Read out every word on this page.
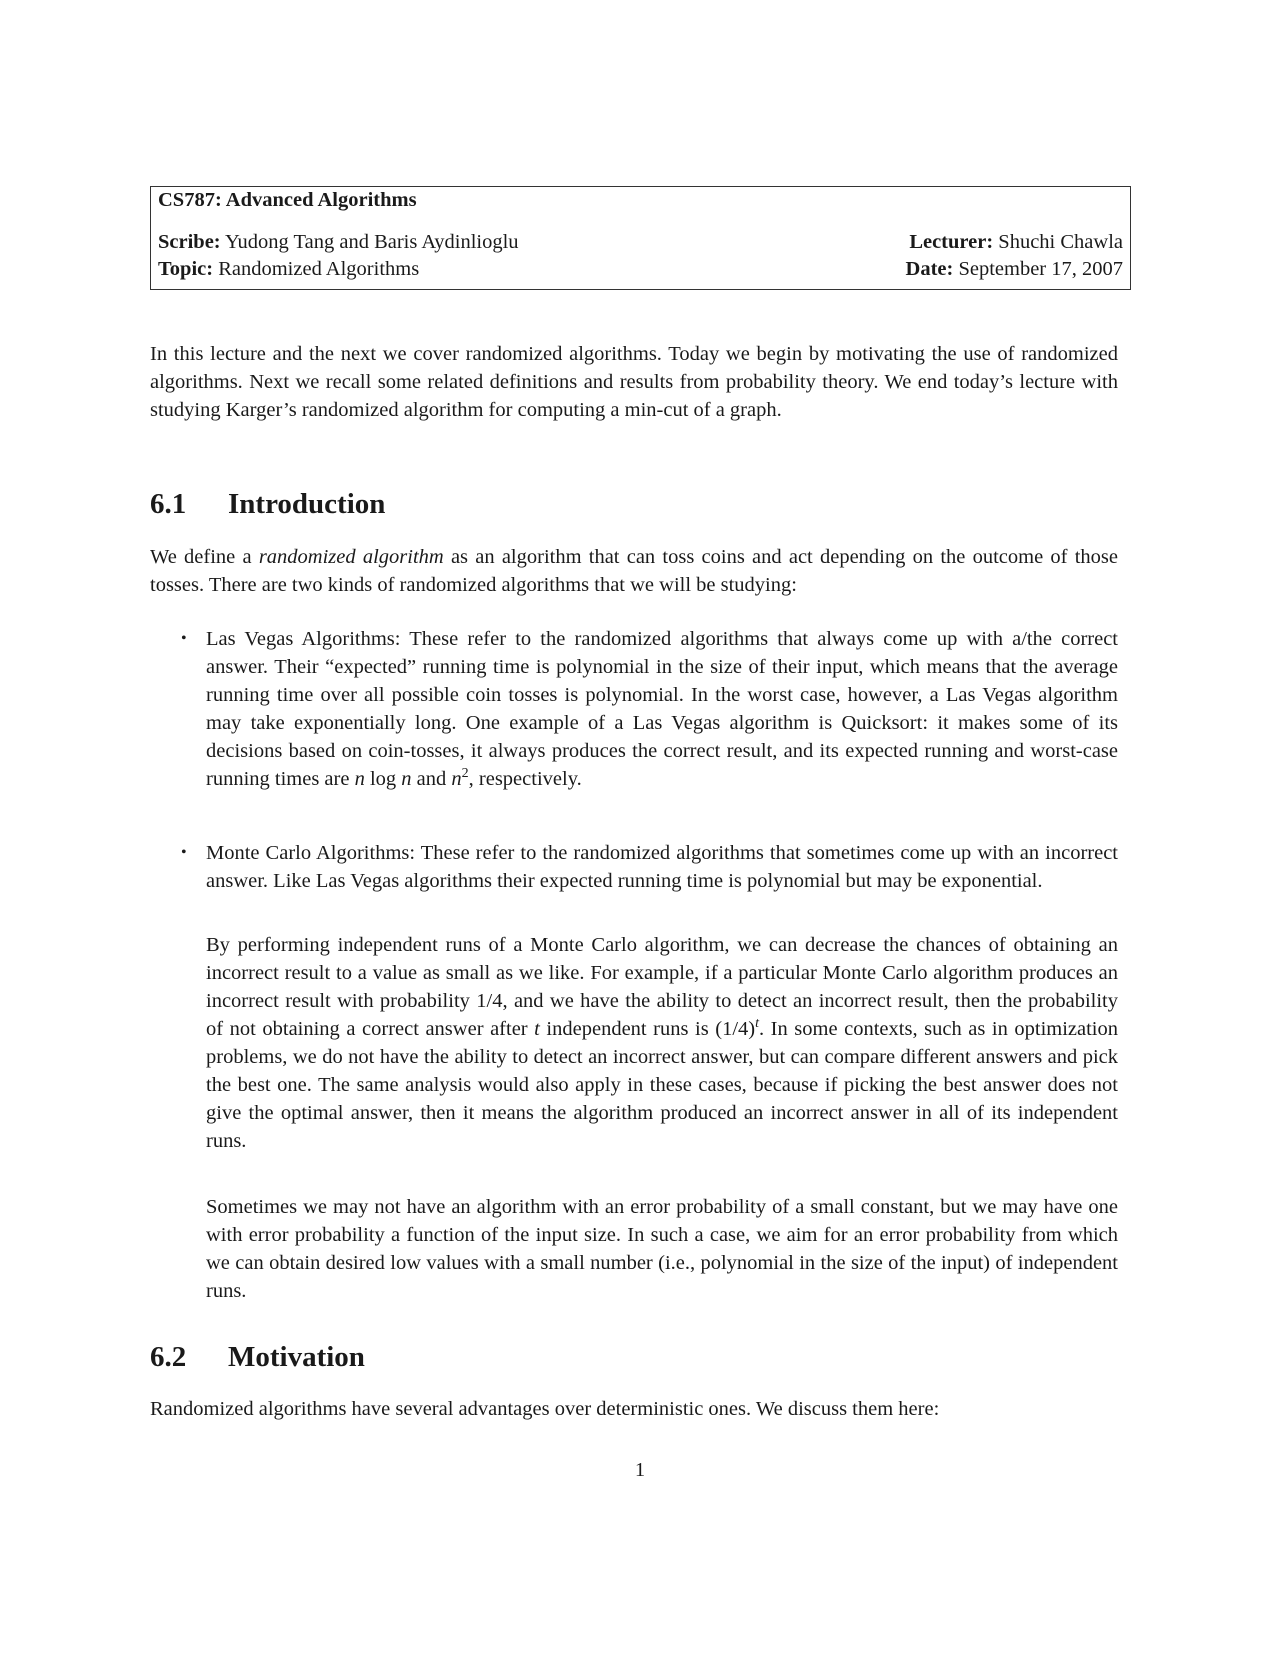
CS787: Advanced Algorithms
Scribe: Yudong Tang and Baris Aydinlioglu	Lecturer: Shuchi Chawla
Topic: Randomized Algorithms	Date: September 17, 2007
In this lecture and the next we cover randomized algorithms. Today we begin by motivating the use of randomized algorithms. Next we recall some related definitions and results from probability theory. We end today’s lecture with studying Karger’s randomized algorithm for computing a min-cut of a graph.
6.1 Introduction
We define a randomized algorithm as an algorithm that can toss coins and act depending on the outcome of those tosses. There are two kinds of randomized algorithms that we will be studying:
• Las Vegas Algorithms: These refer to the randomized algorithms that always come up with a/the correct answer. Their “expected” running time is polynomial in the size of their input, which means that the average running time over all possible coin tosses is polynomial. In the worst case, however, a Las Vegas algorithm may take exponentially long. One example of a Las Vegas algorithm is Quicksort: it makes some of its decisions based on coin-tosses, it always produces the correct result, and its expected running and worst-case running times are n log n and $n^2$, respectively.
• Monte Carlo Algorithms: These refer to the randomized algorithms that sometimes come up with an incorrect answer. Like Las Vegas algorithms their expected running time is polynomial but may be exponential.
By performing independent runs of a Monte Carlo algorithm, we can decrease the chances of obtaining an incorrect result to a value as small as we like. For example, if a particular Monte Carlo algorithm produces an incorrect result with probability 1/4, and we have the ability to detect an incorrect result, then the probability of not obtaining a correct answer after t independent runs is $(1/4)^t$. In some contexts, such as in optimization problems, we do not have the ability to detect an incorrect answer, but can compare different answers and pick the best one. The same analysis would also apply in these cases, because if picking the best answer does not give the optimal answer, then it means the algorithm produced an incorrect answer in all of its independent runs.
Sometimes we may not have an algorithm with an error probability of a small constant, but we may have one with error probability a function of the input size. In such a case, we aim for an error probability from which we can obtain desired low values with a small number (i.e., polynomial in the size of the input) of independent runs.
6.2 Motivation
Randomized algorithms have several advantages over deterministic ones. We discuss them here:
1
